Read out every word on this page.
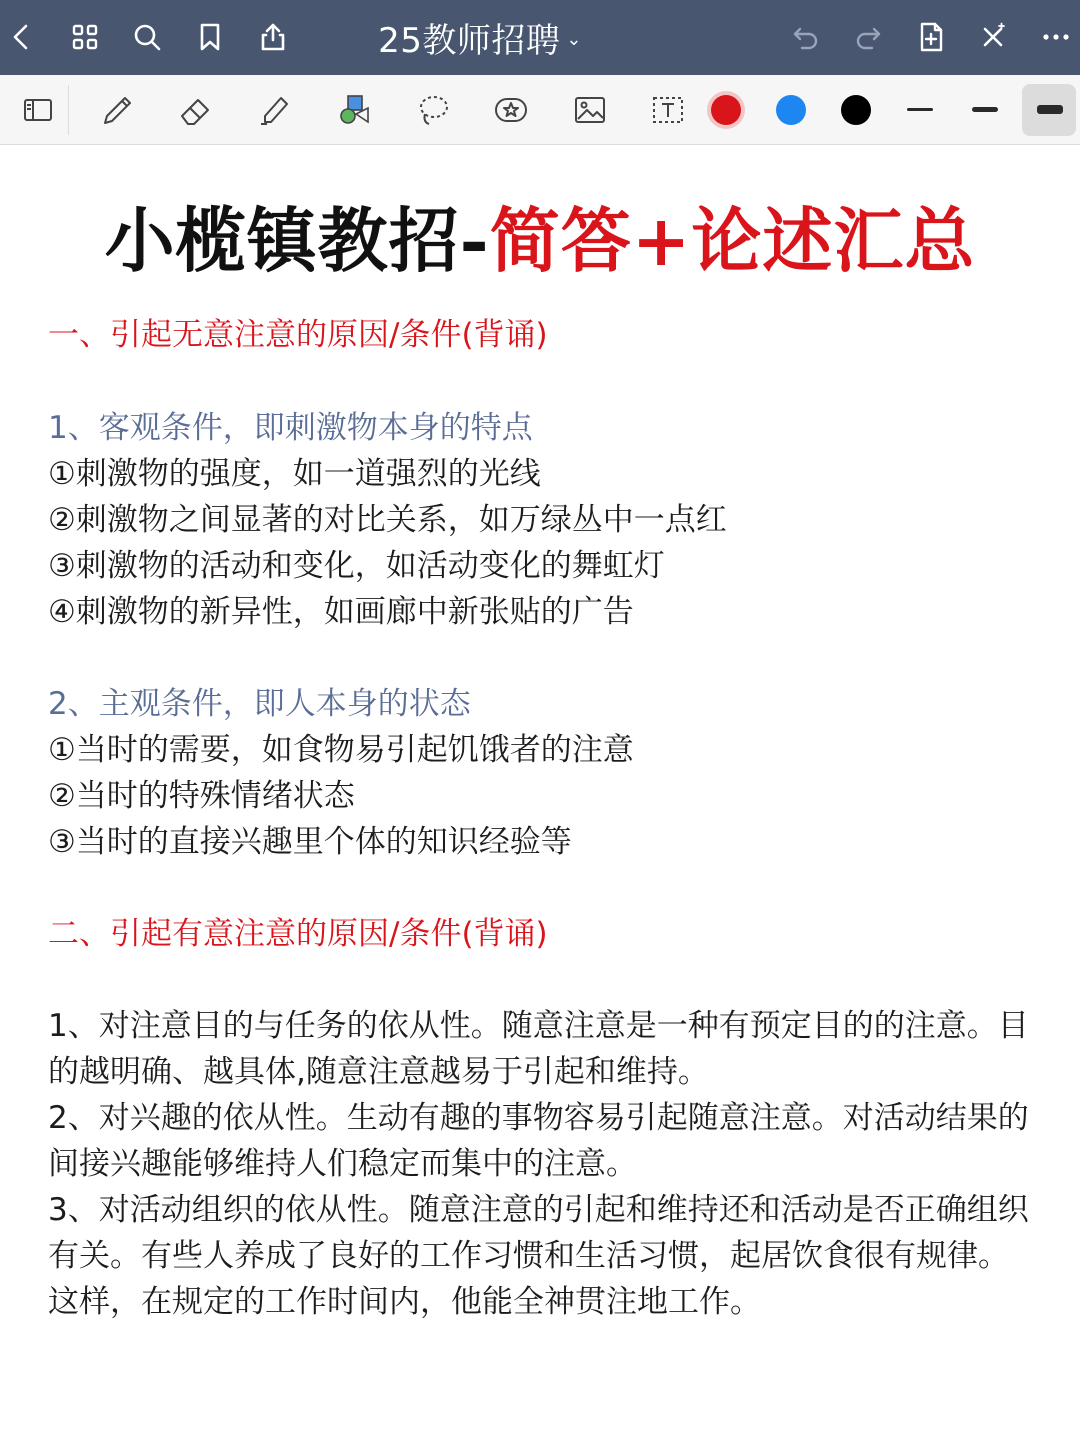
25教师招聘 ⌄
小榄镇教招-简答+论述汇总
一、引起无意注意的原因/条件(背诵)
1、客观条件，即刺激物本身的特点
①刺激物的强度，如一道强烈的光线
②刺激物之间显著的对比关系，如万绿丛中一点红
③刺激物的活动和变化，如活动变化的舞虹灯
④刺激物的新异性，如画廊中新张贴的广告
2、主观条件，即人本身的状态
①当时的需要，如食物易引起饥饿者的注意
②当时的特殊情绪状态
③当时的直接兴趣里个体的知识经验等
二、引起有意注意的原因/条件(背诵)
1、对注意目的与任务的依从性。随意注意是一种有预定目的的注意。目的越明确、越具体,随意注意越易于引起和维持。
2、对兴趣的依从性。生动有趣的事物容易引起随意注意。对活动结果的间接兴趣能够维持人们稳定而集中的注意。
3、对活动组织的依从性。随意注意的引起和维持还和活动是否正确组织有关。有些人养成了良好的工作习惯和生活习惯，起居饮食很有规律。这样，在规定的工作时间内，他能全神贯注地工作。
